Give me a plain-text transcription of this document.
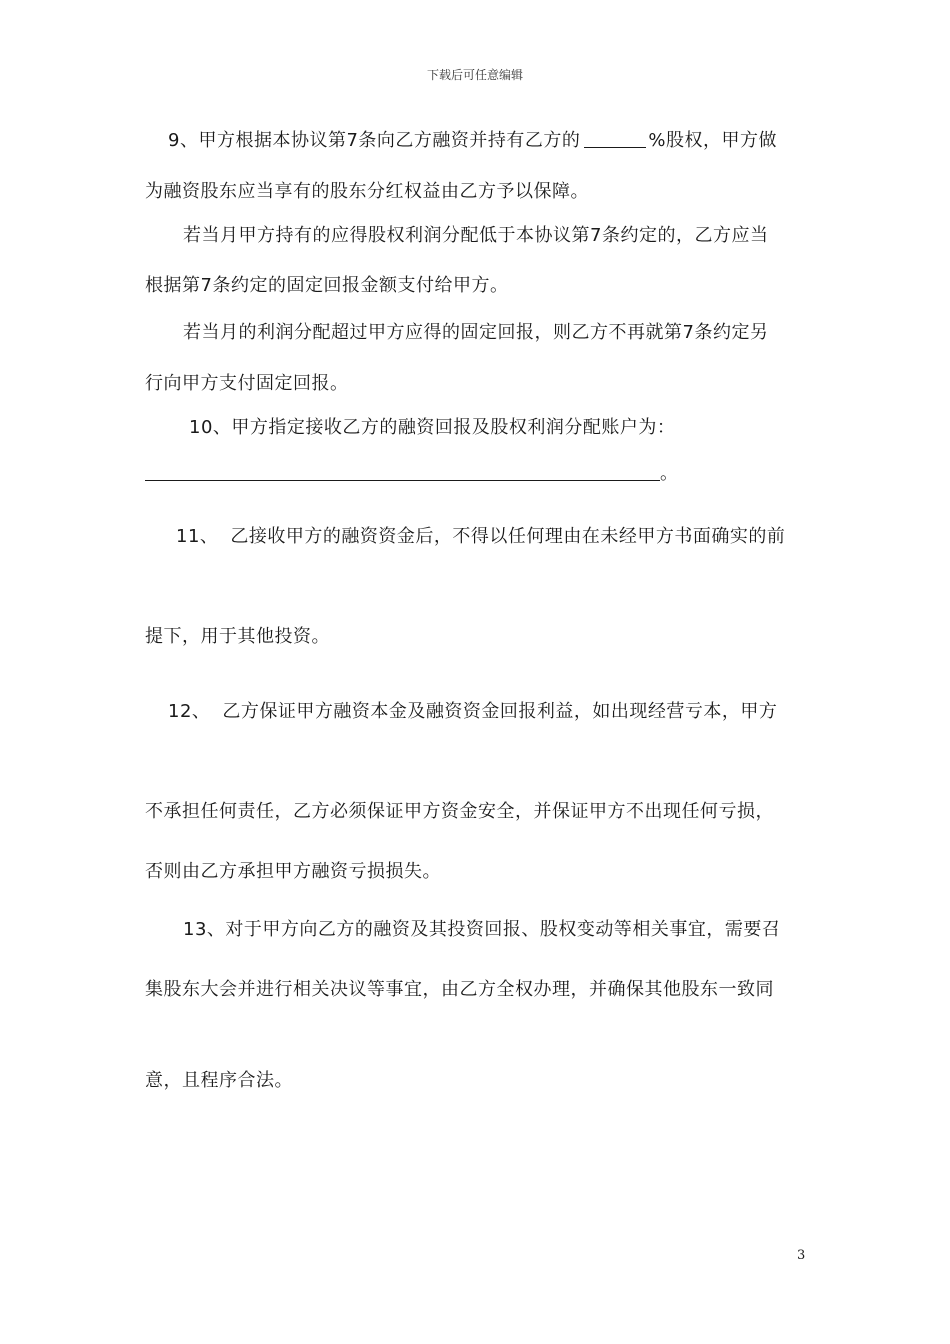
下载后可任意编辑
9、甲方根据本协议第7条向乙方融资并持有乙方的	%股权，甲方做
为融资股东应当享有的股东分红权益由乙方予以保障。
若当月甲方持有的应得股权利润分配低于本协议第7条约定的，乙方应当
根据第7条约定的固定回报金额支付给甲方。
若当月的利润分配超过甲方应得的固定回报，则乙方不再就第7条约定另
行向甲方支付固定回报。
10、甲方指定接收乙方的融资回报及股权利润分配账户为：
。
11、 乙接收甲方的融资资金后，不得以任何理由在未经甲方书面确实的前
提下，用于其他投资。
12、 乙方保证甲方融资本金及融资资金回报利益，如出现经营亏本，甲方
不承担任何责任，乙方必须保证甲方资金安全，并保证甲方不出现任何亏损，
否则由乙方承担甲方融资亏损损失。
13、对于甲方向乙方的融资及其投资回报、股权变动等相关事宜，需要召
集股东大会并进行相关决议等事宜，由乙方全权办理，并确保其他股东一致同
意，且程序合法。
3
